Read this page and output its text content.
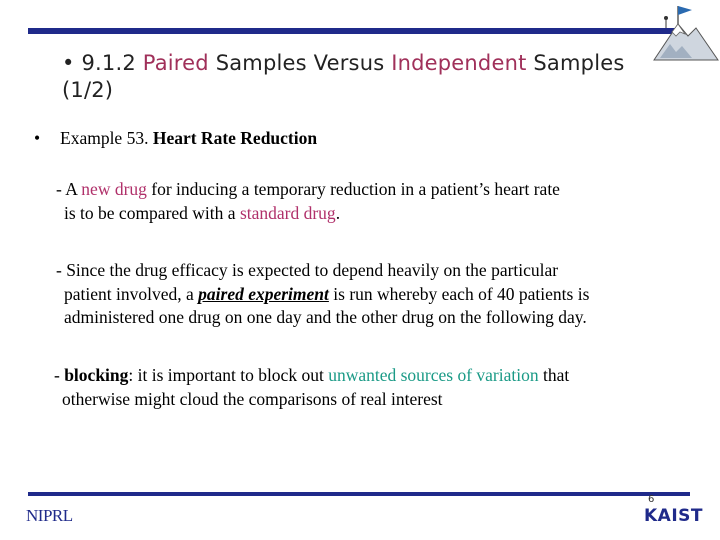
• 9.1.2 Paired Samples Versus Independent Samples
(1/2)
• Example 53. Heart Rate Reduction
- A new drug for inducing a temporary reduction in a patient’s heart rate
is to be compared with a standard drug.
- Since the drug efficacy is expected to depend heavily on the particular
patient involved, a paired experiment is run whereby each of 40 patients is
administered one drug on one day and the other drug on the following day.
- blocking: it is important to block out unwanted sources of variation that
otherwise might cloud the comparisons of real interest
NIPRL
6
KAIST
